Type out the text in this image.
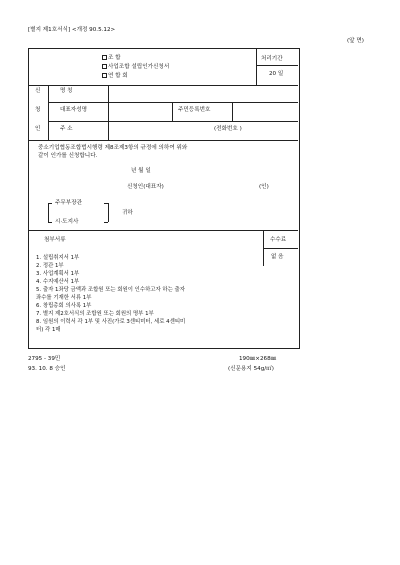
[별지 제1호서식] <개정 90.5.12>
(앞 면)
조 합
사업조합 설립인가신청서
연 합 회
처리기간
20 일
신
청
인
명 칭
대표자성명	주민등록번호
주 소	(전화번호 )
중소기업협동조합법시행령 제8조제3항의 규정에 의하여 위와
같이 인가를 신청합니다.
년 월 일
신청인(대표자)	(인)
주무부장관
시·도지사
귀하
첨부서류	수수료
없 음
1. 설립취지서 1부
2. 정관 1부
3. 사업계획서 1부
4. 수지예산서 1부
5. 출자 1좌당 금액과 조합원 또는 회원이 인수하고자 하는 출자
좌수를 기재한 서류 1부
6. 창립총회 의사록 1부
7. 별지 제2호서식의 조합원 또는 회원의 명부 1부
8. 임원의 이력서 각 1부 및 사진(가로 3센티미터, 세로 4센티미
터) 각 1매
2795 - 39민
93. 10. 8 승인
190㎜×268㎜
(신문용지 54g/㎡)
